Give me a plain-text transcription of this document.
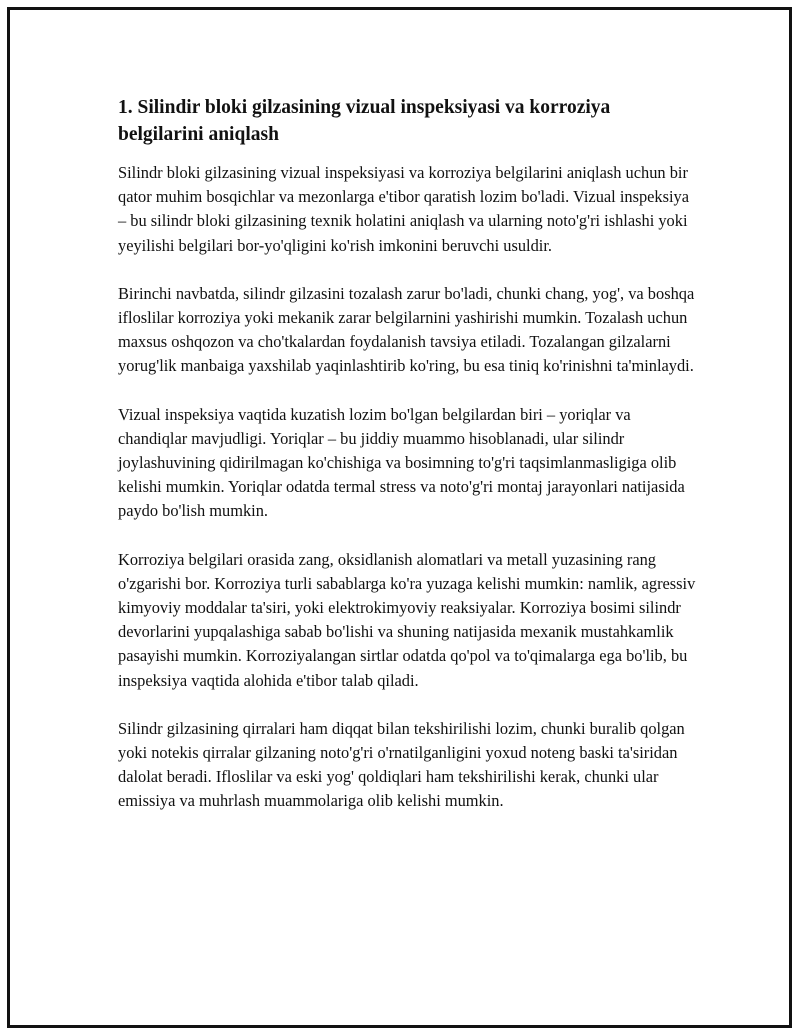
1. Silindir bloki gilzasining vizual inspeksiyasi va korroziya belgilarini aniqlash

Silindr bloki gilzasining vizual inspeksiyasi va korroziya belgilarini aniqlash uchun bir qator muhim bosqichlar va mezonlarga e'tibor qaratish lozim bo'ladi. Vizual inspeksiya – bu silindr bloki gilzasining texnik holatini aniqlash va ularning noto'g'ri ishlashi yoki yeyilishi belgilari bor-yo'qligini ko'rish imkonini beruvchi usuldir.

Birinchi navbatda, silindr gilzasini tozalash zarur bo'ladi, chunki chang, yog', va boshqa ifloslilar korroziya yoki mekanik zarar belgilarnini yashirishi mumkin. Tozalash uchun maxsus oshqozon va cho'tkalardan foydalanish tavsiya etiladi. Tozalangan gilzalarni yorug'lik manbaiga yaxshilab yaqinlashtirib ko'ring, bu esa tiniq ko'rinishni ta'minlaydi.

Vizual inspeksiya vaqtida kuzatish lozim bo'lgan belgilardan biri – yoriqlar va chandiqlar mavjudligi. Yoriqlar – bu jiddiy muammo hisoblanadi, ular silindr joylashuvining qidirilmagan ko'chishiga va bosimning to'g'ri taqsimlanmasligiga olib kelishi mumkin. Yoriqlar odatda termal stress va noto'g'ri montaj jarayonlari natijasida paydo bo'lish mumkin.

Korroziya belgilari orasida zang, oksidlanish alomatlari va metall yuzasining rang o'zgarishi bor. Korroziya turli sabablarga ko'ra yuzaga kelishi mumkin: namlik, agressiv kimyoviy moddalar ta'siri, yoki elektrokimyoviy reaksiyalar. Korroziya bosimi silindr devorlarini yupqalashiga sabab bo'lishi va shuning natijasida mexanik mustahkamlik pasayishi mumkin. Korroziyalangan sirtlar odatda qo'pol va to'qimalarga ega bo'lib, bu inspeksiya vaqtida alohida e'tibor talab qiladi.

Silindr gilzasining qirralari ham diqqat bilan tekshirilishi lozim, chunki buralib qolgan yoki notekis qirralar gilzaning noto'g'ri o'rnatilganligini yoxud noteng baski ta'siridan dalolat beradi. Ifloslilar va eski yog' qoldiqlari ham tekshirilishi kerak, chunki ular emissiya va muhrlash muammolariga olib kelishi mumkin.
